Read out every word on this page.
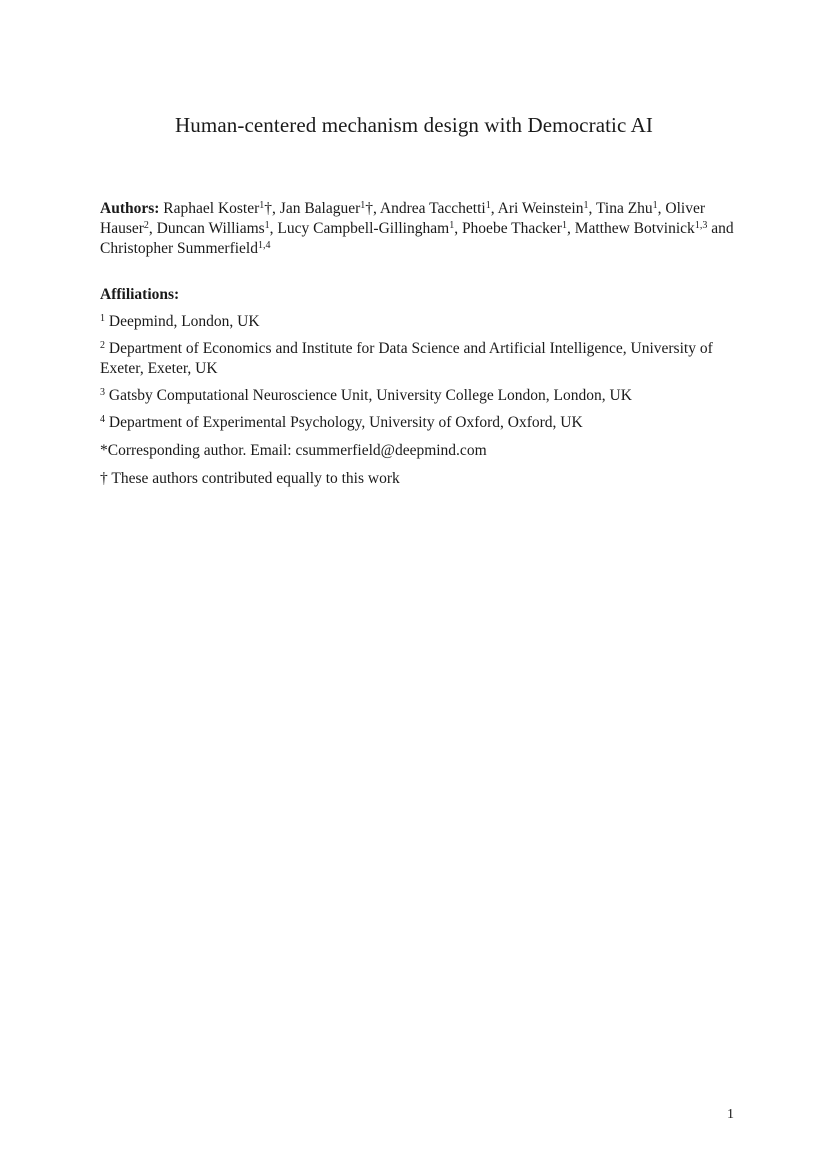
Human-centered mechanism design with Democratic AI
Authors: Raphael Koster$^1$†, Jan Balaguer$^1$†, Andrea Tacchetti$^1$, Ari Weinstein$^1$, Tina Zhu$^1$, Oliver Hauser$^2$, Duncan Williams$^1$, Lucy Campbell-Gillingham$^1$, Phoebe Thacker$^1$, Matthew Botvinick$^{1,3}$ and Christopher Summerfield$^{1,4}$
Affiliations:
$^1$ Deepmind, London, UK
$^2$ Department of Economics and Institute for Data Science and Artificial Intelligence, University of Exeter, Exeter, UK
$^3$ Gatsby Computational Neuroscience Unit, University College London, London, UK
$^4$ Department of Experimental Psychology, University of Oxford, Oxford, UK
*Corresponding author. Email: csummerfield@deepmind.com
† These authors contributed equally to this work
1
